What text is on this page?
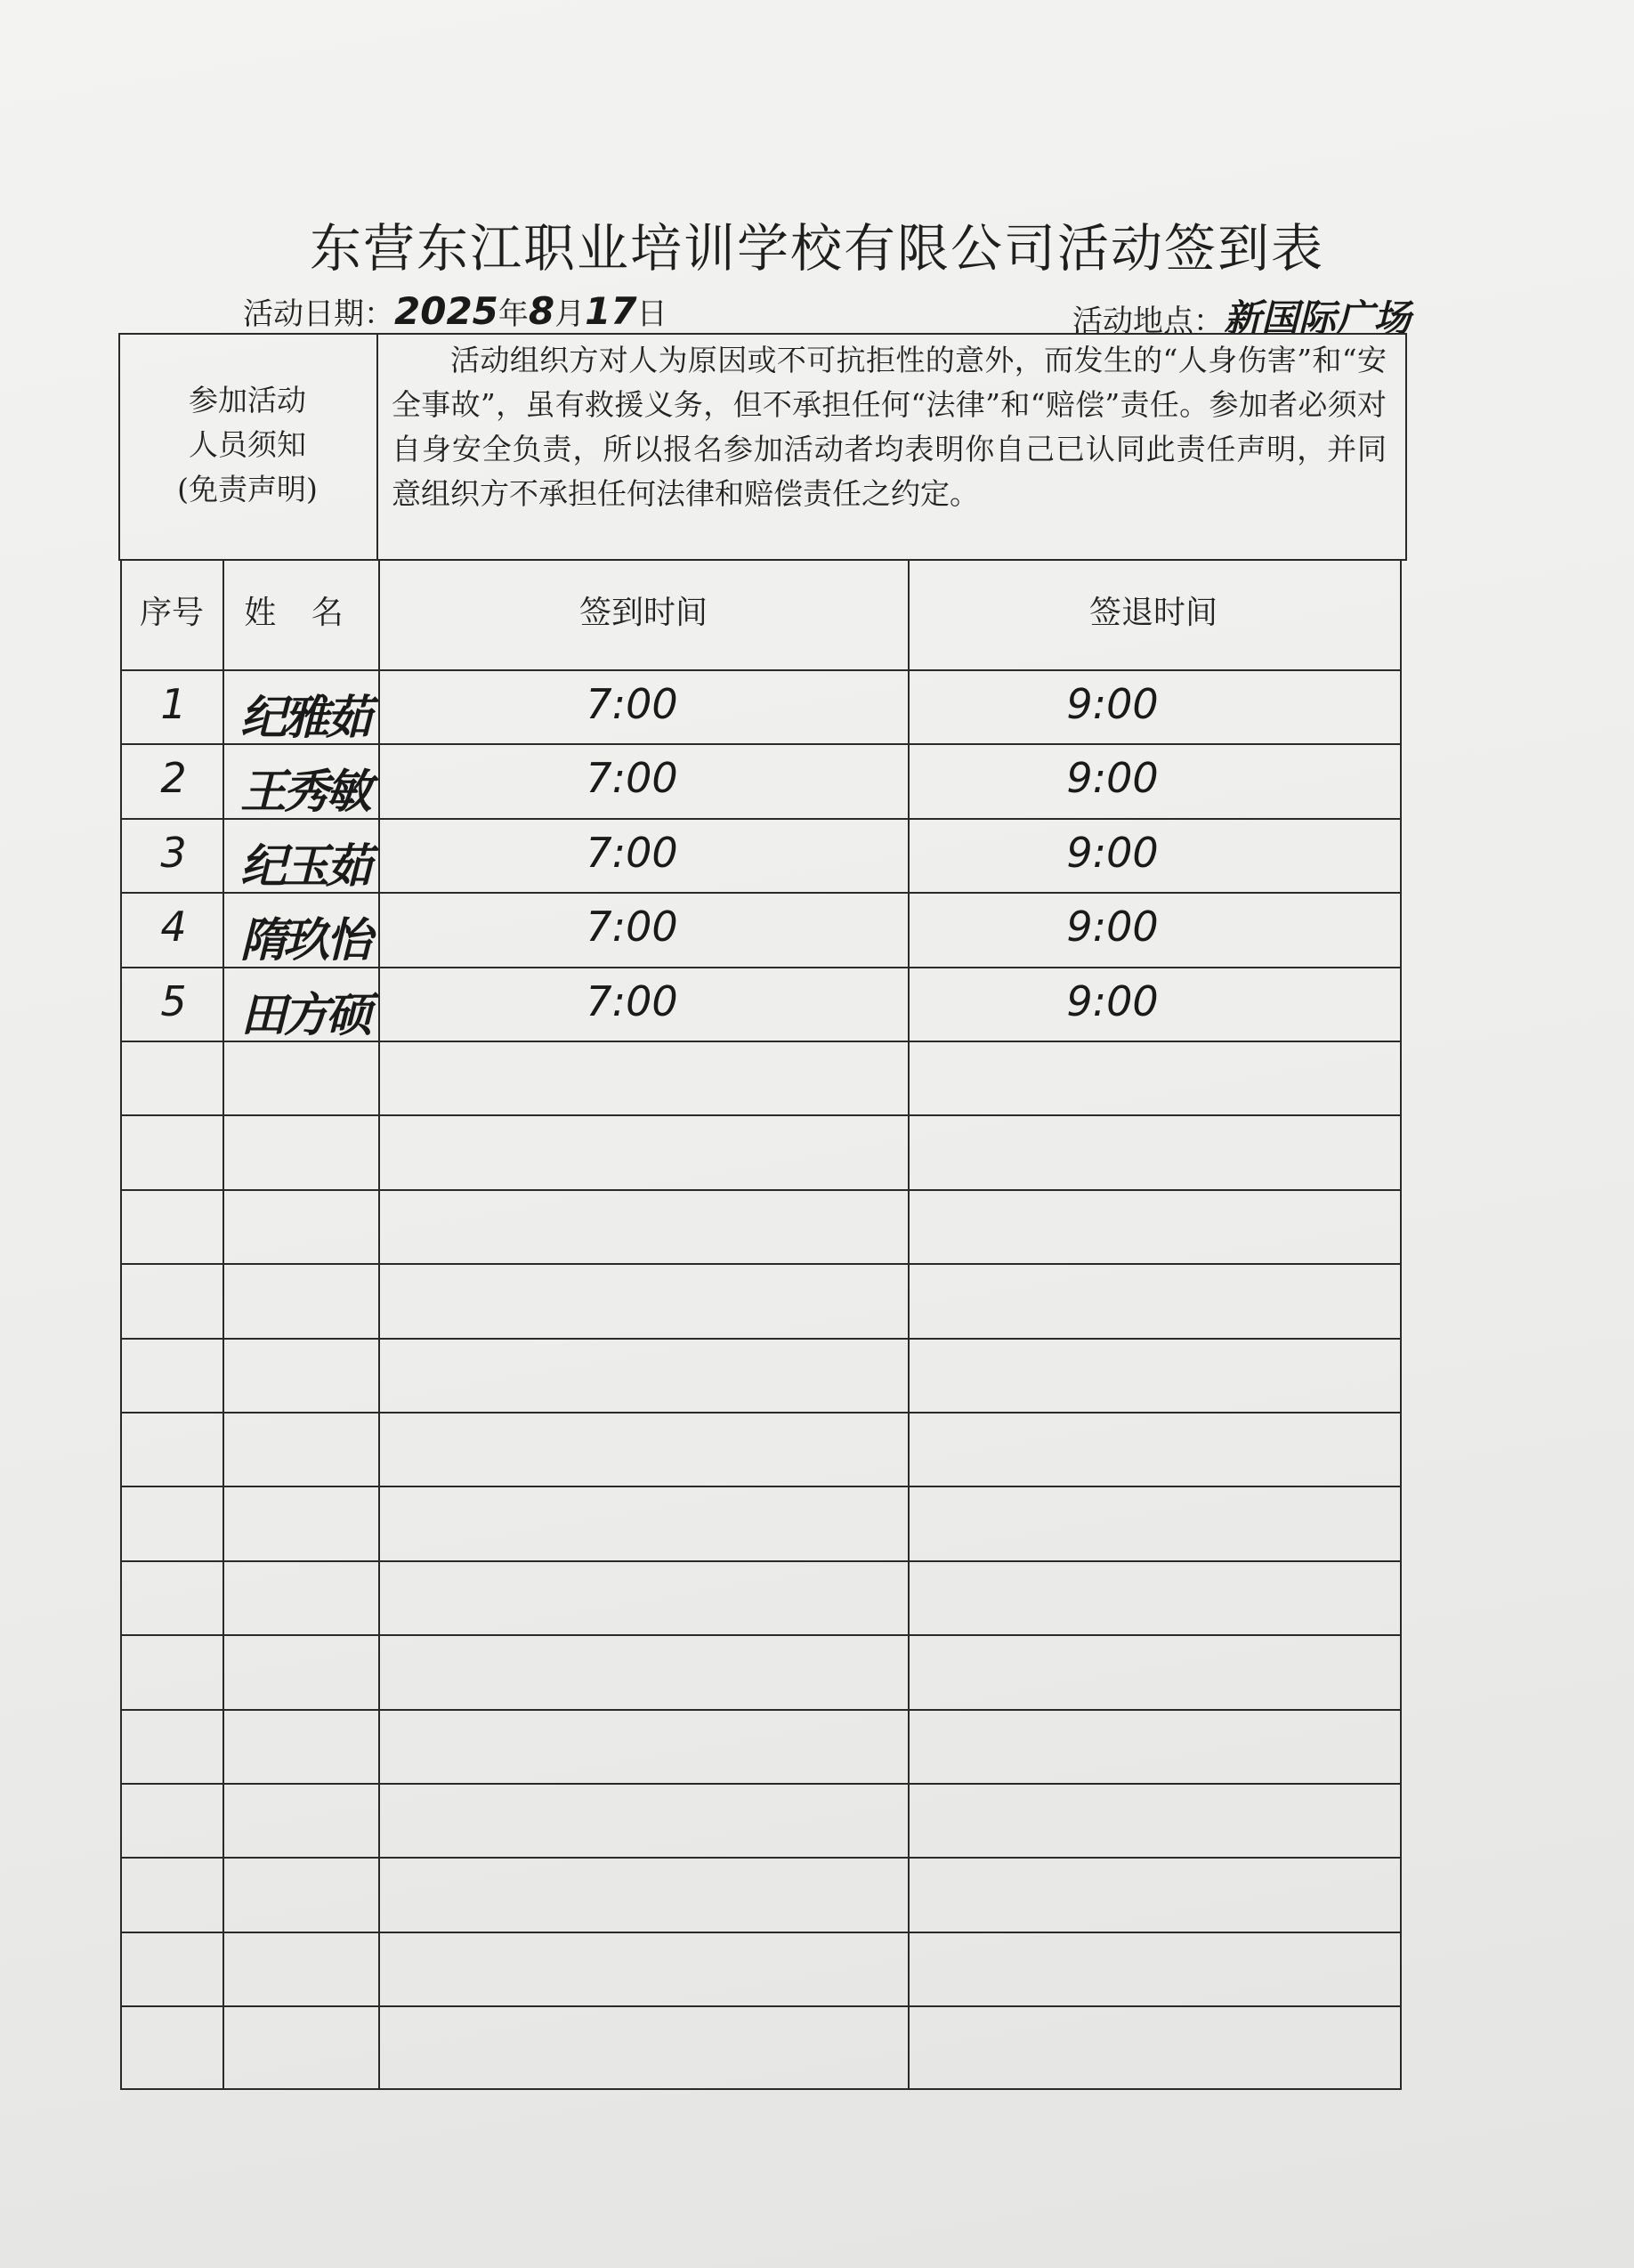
东营东江职业培训学校有限公司活动签到表
活动日期：2025年8月17日	活动地点：新国际广场
参加活动
人员须知
(免责声明)
活动组织方对人为原因或不可抗拒性的意外，而发生的“人身伤害”和“安全事故”，虽有救援义务，但不承担任何“法律”和“赔偿”责任。参加者必须对自身安全负责，所以报名参加活动者均表明你自己已认同此责任声明，并同意组织方不承担任何法律和赔偿责任之约定。
序号	姓 名	签到时间	签退时间
1	纪雅茹	7:00	9:00
2	王秀敏	7:00	9:00
3	纪玉茹	7:00	9:00
4	隋玖怡	7:00	9:00
5	田方硕	7:00	9:00
